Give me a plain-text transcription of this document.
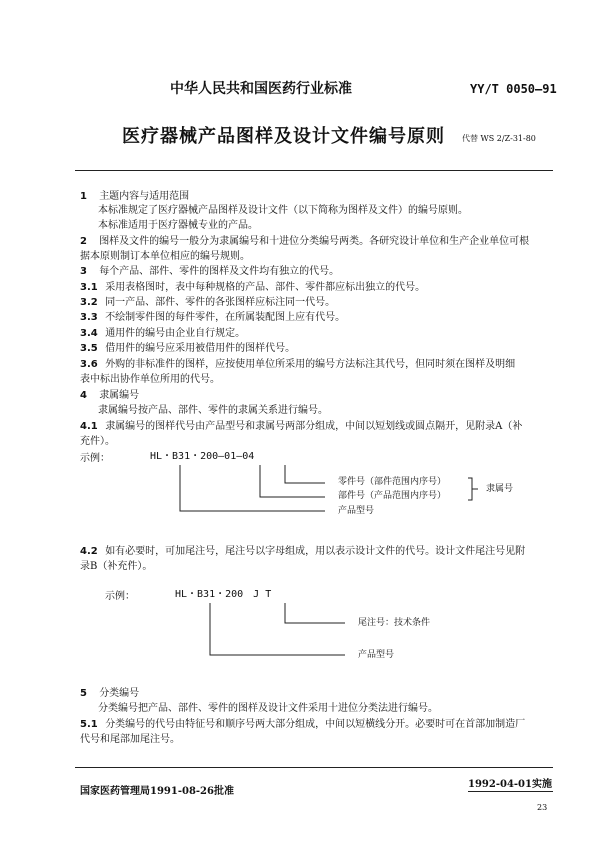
中华人民共和国医药行业标准	YY/T 0050—91
医疗器械产品图样及设计文件编号原则 代替 WS 2/Z-31-80
1 主题内容与适用范围
本标准规定了医疗器械产品图样及设计文件（以下简称为图样及文件）的编号原则。
本标准适用于医疗器械专业的产品。
2 图样及文件的编号一般分为隶属编号和十进位分类编号两类。各研究设计单位和生产企业单位可根
据本原则制订本单位相应的编号规则。
3 每个产品、部件、零件的图样及文件均有独立的代号。
3.1 采用表格图时，表中每种规格的产品、部件、零件都应标出独立的代号。
3.2 同一产品、部件、零件的各张图样应标注同一代号。
3.3 不绘制零件图的每件零件，在所属装配图上应有代号。
3.4 通用件的编号由企业自行规定。
3.5 借用件的编号应采用被借用件的图样代号。
3.6 外购的非标准件的图样，应按使用单位所采用的编号方法标注其代号，但同时须在图样及明细
表中标出协作单位所用的代号。
4 隶属编号
隶属编号按产品、部件、零件的隶属关系进行编号。
4.1 隶属编号的图样代号由产品型号和隶属号两部分组成，中间以短划线或圆点隔开，见附录A（补
充件）。
示例：	HL・B31・200—01—04
零件号（部件范围内序号）
部件号（产品范围内序号）
产品型号
隶属号
4.2 如有必要时，可加尾注号，尾注号以字母组成，用以表示设计文件的代号。设计文件尾注号见附
录B（补充件）。
示例：	HL・B31・200　J T
尾注号：技术条件
产品型号
5 分类编号
分类编号把产品、部件、零件的图样及设计文件采用十进位分类法进行编号。
5.1 分类编号的代号由特征号和顺序号两大部分组成，中间以短横线分开。必要时可在首部加制造厂
代号和尾部加尾注号。
国家医药管理局1991-08-26批准
1992-04-01实施
23
